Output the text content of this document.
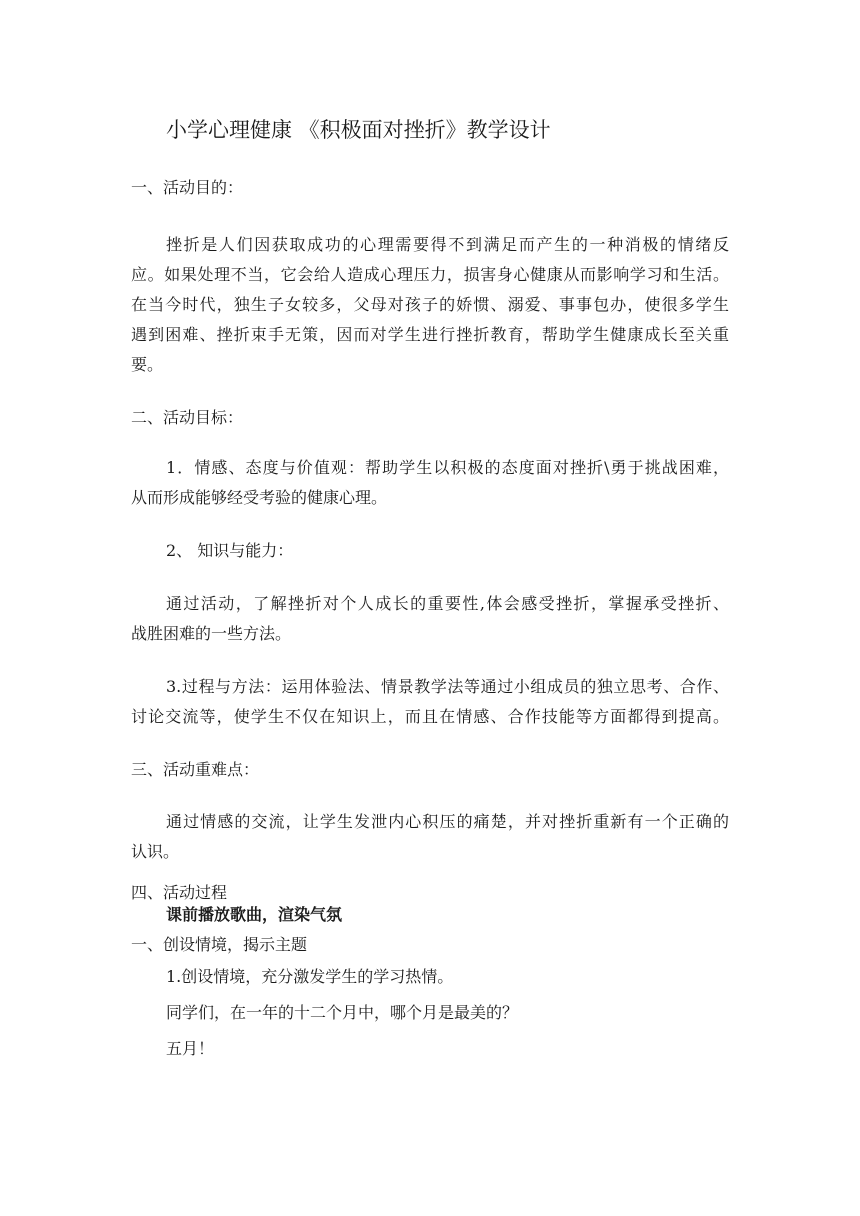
小学心理健康 《积极面对挫折》教学设计

一、活动目的：

挫折是人们因获取成功的心理需要得不到满足而产生的一种消极的情绪反

应。如果处理不当，它会给人造成心理压力，损害身心健康从而影响学习和生活。

在当今时代，独生子女较多，父母对孩子的娇惯、溺爱、事事包办，使很多学生

遇到困难、挫折束手无策，因而对学生进行挫折教育，帮助学生健康成长至关重

要。

二、活动目标：

1．情感、态度与价值观：帮助学生以积极的态度面对挫折\勇于挑战困难，

从而形成能够经受考验的健康心理。

2、 知识与能力：

通过活动，了解挫折对个人成长的重要性,体会感受挫折，掌握承受挫折、

战胜困难的一些方法。

3.过程与方法：运用体验法、情景教学法等通过小组成员的独立思考、合作、

讨论交流等，使学生不仅在知识上，而且在情感、合作技能等方面都得到提高。

三、活动重难点：

通过情感的交流，让学生发泄内心积压的痛楚，并对挫折重新有一个正确的

认识。

四、活动过程

课前播放歌曲，渲染气氛

一、创设情境，揭示主题

1.创设情境，充分激发学生的学习热情。

同学们，在一年的十二个月中，哪个月是最美的？

五月！
